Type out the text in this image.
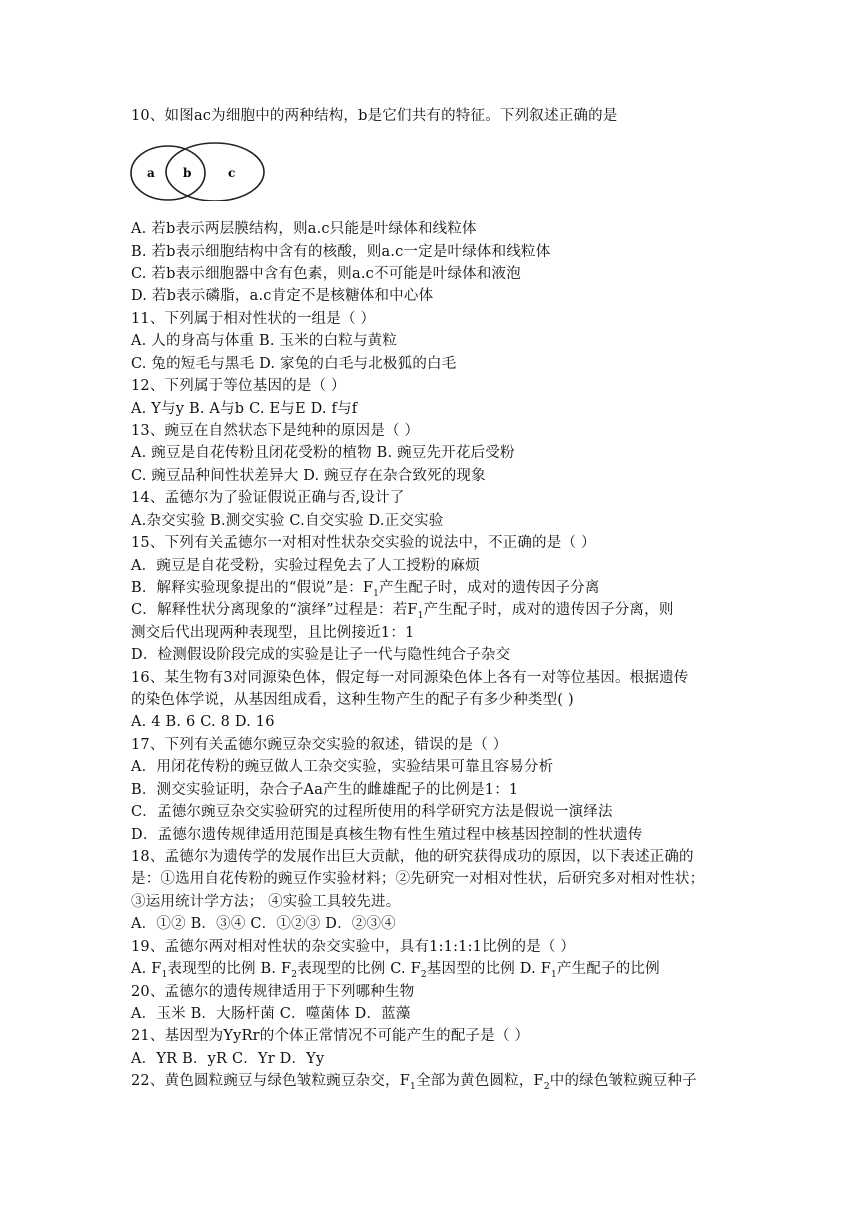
10、如图ac为细胞中的两种结构，b是它们共有的特征。下列叙述正确的是
a b	c
A. 若b表示两层膜结构，则a.c只能是叶绿体和线粒体
B. 若b表示细胞结构中含有的核酸，则a.c一定是叶绿体和线粒体
C. 若b表示细胞器中含有色素，则a.c不可能是叶绿体和液泡
D. 若b表示磷脂，a.c肯定不是核糖体和中心体
11、下列属于相对性状的一组是（ ）
A. 人的身高与体重 B. 玉米的白粒与黄粒
C. 兔的短毛与黑毛 D. 家兔的白毛与北极狐的白毛
12、下列属于等位基因的是（ ）
A. Y与y B. A与b C. E与E D. f与f
13、豌豆在自然状态下是纯种的原因是（ ）
A. 豌豆是自花传粉且闭花受粉的植物 B. 豌豆先开花后受粉
C. 豌豆品种间性状差异大 D. 豌豆存在杂合致死的现象
14、孟德尔为了验证假说正确与否,设计了
A.杂交实验 B.测交实验 C.自交实验 D.正交实验
15、下列有关孟德尔一对相对性状杂交实验的说法中，不正确的是（ ）
A．豌豆是自花受粉，实验过程免去了人工授粉的麻烦
B．解释实验现象提出的“假说”是：$F_1$产生配子时，成对的遗传因子分离
C．解释性状分离现象的“演绎”过程是：若$F_1$产生配子时，成对的遗传因子分离，则
测交后代出现两种表现型，且比例接近1：1
D．检测假设阶段完成的实验是让子一代与隐性纯合子杂交
16、某生物有3对同源染色体，假定每一对同源染色体上各有一对等位基因。根据遗传
的染色体学说，从基因组成看，这种生物产生的配子有多少种类型( )
A. 4 B. 6 C. 8 D. 16
17、下列有关孟德尔豌豆杂交实验的叙述，错误的是（ ）
A．用闭花传粉的豌豆做人工杂交实验，实验结果可靠且容易分析
B．测交实验证明，杂合子Aa产生的雌雄配子的比例是1：1
C．孟德尔豌豆杂交实验研究的过程所使用的科学研究方法是假说一演绎法
D．孟德尔遗传规律适用范围是真核生物有性生殖过程中核基因控制的性状遗传
18、孟德尔为遗传学的发展作出巨大贡献，他的研究获得成功的原因，以下表述正确的
是：①选用自花传粉的豌豆作实验材料；②先研究一对相对性状，后研究多对相对性状；
③运用统计学方法； ④实验工具较先进。
A．①② B．③④ C．①②③ D．②③④
19、孟德尔两对相对性状的杂交实验中，具有1:1:1:1比例的是（ ）
A. $F_1$表现型的比例 B. $F_2$表现型的比例 C. $F_2$基因型的比例 D. $F_1$产生配子的比例
20、孟德尔的遗传规律适用于下列哪种生物
A．玉米 B．大肠杆菌 C．噬菌体 D．蓝藻
21、基因型为YyRr的个体正常情况不可能产生的配子是（ ）
A．YR B．yR C．Yr D．Yy
22、黄色圆粒豌豆与绿色皱粒豌豆杂交，$F_1$全部为黄色圆粒，$F_2$中的绿色皱粒豌豆种子
